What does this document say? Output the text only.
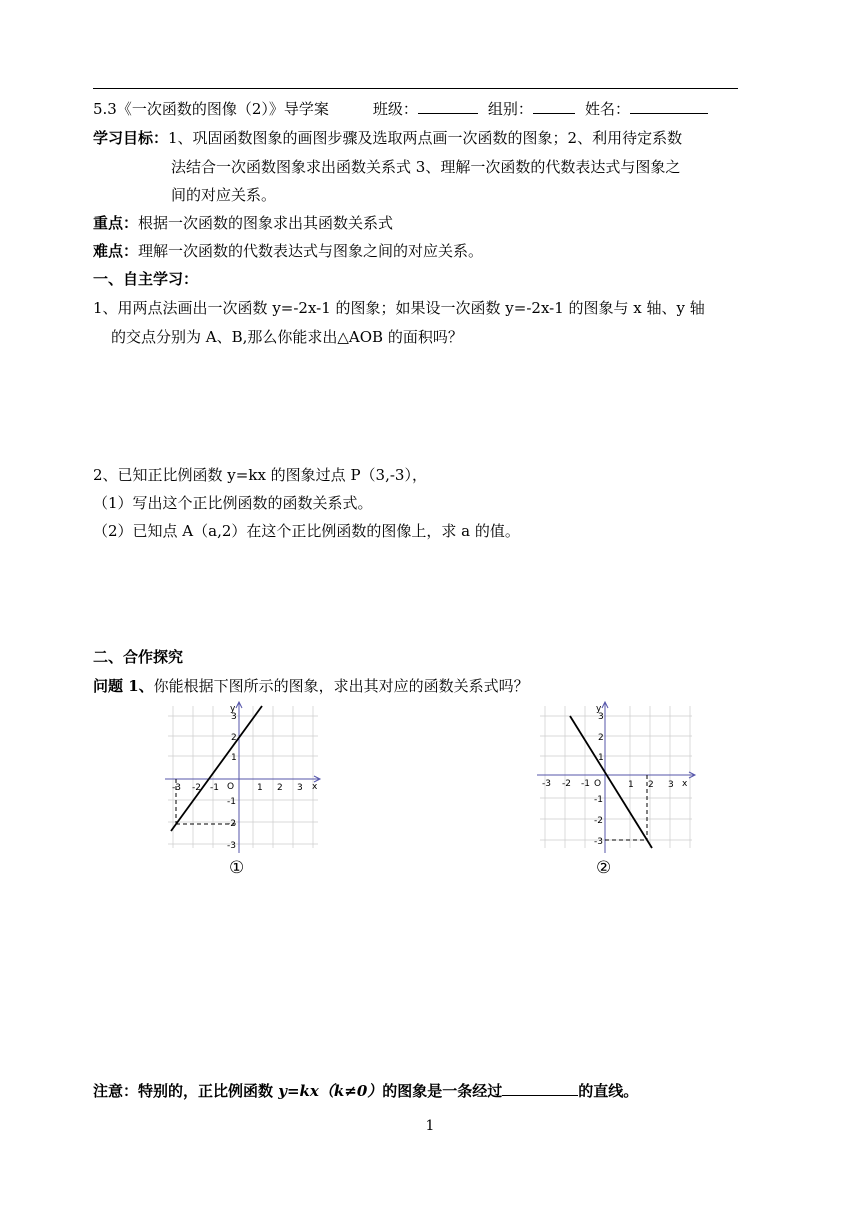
5.3《一次函数的图像（2）》导学案	班级：	组别：	姓名：
学习目标：1、巩固函数图象的画图步骤及选取两点画一次函数的图象；2、利用待定系数
法结合一次函数图象求出函数关系式 3、理解一次函数的代数表达式与图象之
间的对应关系。
重点：根据一次函数的图象求出其函数关系式
难点：理解一次函数的代数表达式与图象之间的对应关系。
一、自主学习：
1、用两点法画出一次函数 y=-2x-1 的图象；如果设一次函数 y=-2x-1 的图象与 x 轴、y 轴
的交点分别为 A、B,那么你能求出△AOB 的面积吗？
2、已知正比例函数 y=kx 的图象过点 P（3,-3），
（1）写出这个正比例函数的函数关系式。
（2）已知点 A（a,2）在这个正比例函数的图像上，求 a 的值。
二、合作探究
问题 1、你能根据下图所示的图象，求出其对应的函数关系式吗？
y
x
O
-3 -2 -1	1 2 3
3
2
1
-1
-2
-3
①
y
x
O
-3 -2 -1	1 2 3
3
2
1
-1
-2
-3
②
注意：特别的，正比例函数 y=kx（k≠0）的图象是一条经过	的直线。
1
